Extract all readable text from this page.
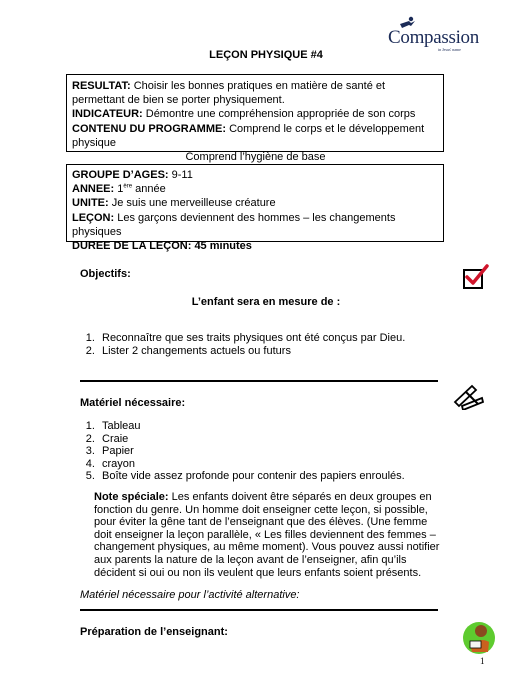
Compassion
in Jesus' name
LEÇON PHYSIQUE #4
RESULTAT: Choisir les bonnes pratiques en matière de santé et permettant de bien se porter physiquement.
INDICATEUR: Démontre une compréhension appropriée de son corps
CONTENU DU PROGRAMME: Comprend le corps et le développement physique
Comprend l’hygiène de base
GROUPE D’AGES: 9-11
ANNEE: 1ère année
UNITE: Je suis une merveilleuse créature
LEÇON: Les garçons deviennent des hommes – les changements physiques
DUREE DE LA LEÇON: 45 minutes
Objectifs:
L’enfant sera en mesure de :
1. Reconnaître que ses traits physiques ont été conçus par Dieu.
2. Lister 2 changements actuels ou futurs
Matériel nécessaire:
1. Tableau
2. Craie
3. Papier
4. crayon
5. Boîte vide assez profonde pour contenir des papiers enroulés.
Note spéciale: Les enfants doivent être séparés en deux groupes en fonction du genre. Un homme doit enseigner cette leçon, si possible, pour éviter la gêne tant de l’enseignant que des élèves. (Une femme doit enseigner la leçon parallèle, « Les filles deviennent des femmes – changement physiques, au même moment). Vous pouvez aussi notifier aux parents la nature de la leçon avant de l’enseigner, afin qu’ils décident si oui ou non ils veulent que leurs enfants soient présents.
Matériel nécessaire pour l’activité alternative:
Préparation de l’enseignant:
1
